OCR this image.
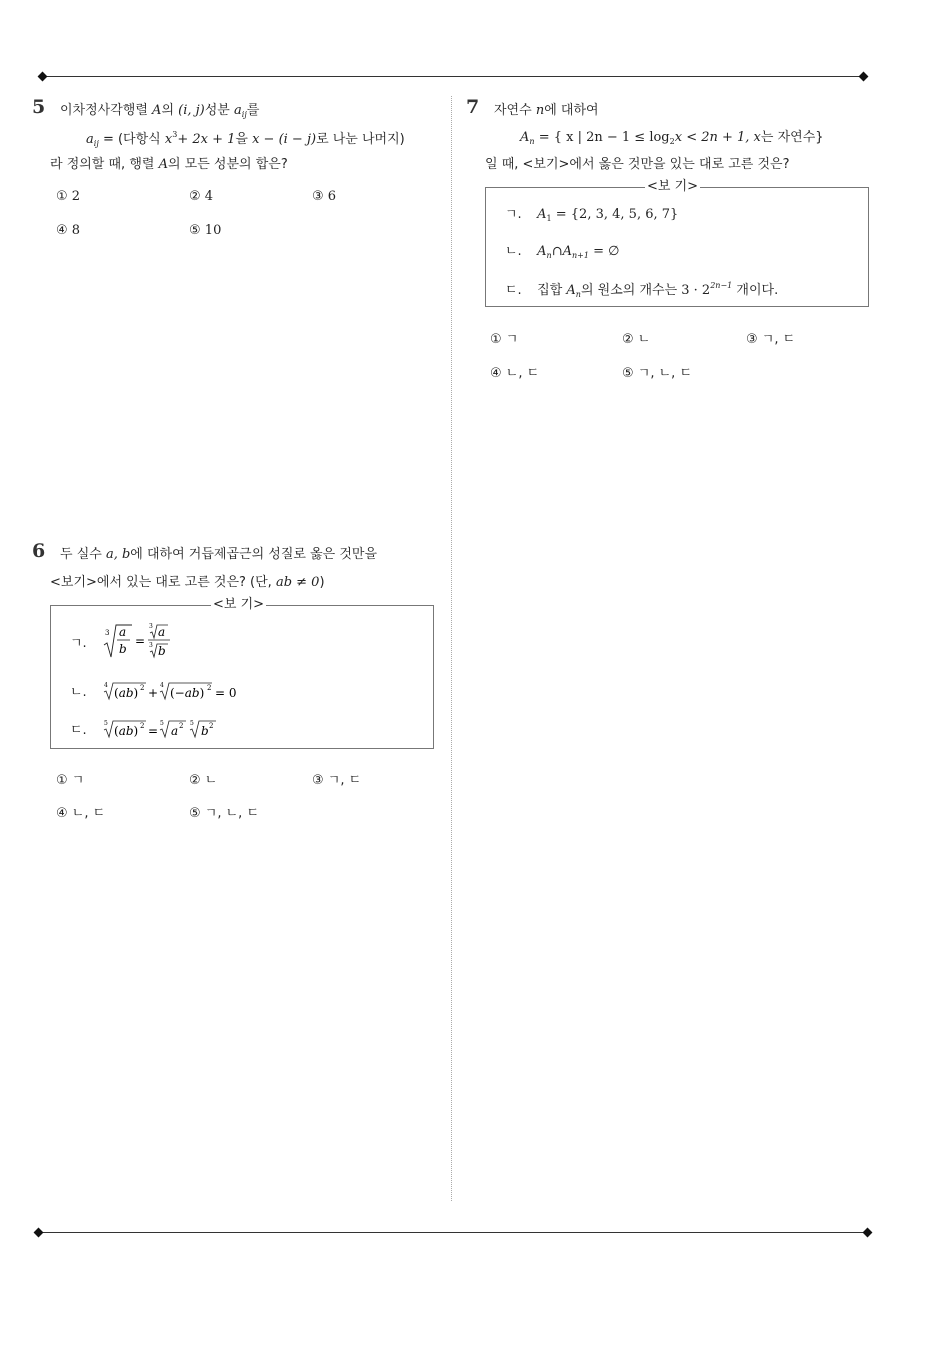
5 이차정사각행렬 A의 (i, j)성분 $a_{ij}$를
$a_{ij}$ = (다항식 $x^3+ 2x + 1$을 x − (i − j)로 나눈 나머지)
라 정의할 때, 행렬 A의 모든 성분의 합은?
① 2	② 4	③ 6
④ 8	⑤ 10
6 두 실수 a, b에 대하여 거듭제곱근의 성질로 옳은 것만을
<보기>에서 있는 대로 고른 것은? (단, ab ≠ 0)
<보 기>
ㄱ.
3 a
b
=
3 a
3 b
ㄴ.	4
(ab) 2 +
4
(−ab) 2 = 0
ㄷ.	5
(ab) 2 =
5
a 2 5
b 2
① ㄱ	② ㄴ	③ ㄱ, ㄷ
④ ㄴ, ㄷ	⑤ ㄱ, ㄴ, ㄷ
7 자연수 n에 대하여
$A_n$ = { x | $2n - 1 \le \log_2x < 2n + 1$, x는 자연수}
일 때, <보기>에서 옳은 것만을 있는 대로 고른 것은?
<보 기>
ㄱ. $A_1 = \{2$, 3, 4, 5, 6, 7}
ㄴ. $A_n\cap A_{n+1}$ = ∅
ㄷ. 집합 $A_n$의 원소의 개수는 $3 \cdot 2^{2n-1}$ 개이다.
① ㄱ	② ㄴ	③ ㄱ, ㄷ
④ ㄴ, ㄷ	⑤ ㄱ, ㄴ, ㄷ
